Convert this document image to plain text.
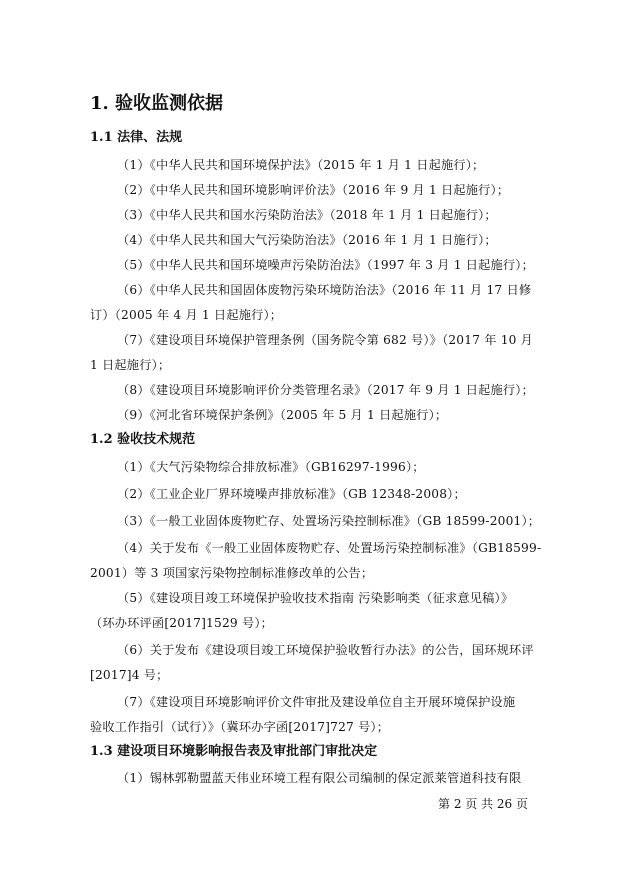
1. 验收监测依据
1.1 法律、法规
（1）《中华人民共和国环境保护法》（2015 年 1 月 1 日起施行）；
（2）《中华人民共和国环境影响评价法》（2016 年 9 月 1 日起施行）；
（3）《中华人民共和国水污染防治法》（2018 年 1 月 1 日起施行）；
（4）《中华人民共和国大气污染防治法》（2016 年 1 月 1 日施行）；
（5）《中华人民共和国环境噪声污染防治法》（1997 年 3 月 1 日起施行）；
（6）《中华人民共和国固体废物污染环境防治法》（2016 年 11 月 17 日修
订）（2005 年 4 月 1 日起施行）；
（7）《建设项目环境保护管理条例（国务院令第 682 号）》（2017 年 10 月
1 日起施行）；
（8）《建设项目环境影响评价分类管理名录》（2017 年 9 月 1 日起施行）；
（9）《河北省环境保护条例》（2005 年 5 月 1 日起施行）；
1.2 验收技术规范
（1）《大气污染物综合排放标准》（GB16297-1996）；
（2）《工业企业厂界环境噪声排放标准》（GB 12348-2008）；
（3）《一般工业固体废物贮存、处置场污染控制标准》（GB 18599-2001）；
（4）关于发布《一般工业固体废物贮存、处置场污染控制标准》（GB18599-
2001）等 3 项国家污染物控制标准修改单的公告；
（5）《建设项目竣工环境保护验收技术指南 污染影响类（征求意见稿）》
（环办环评函[2017]1529 号）；
（6）关于发布《建设项目竣工环境保护验收暂行办法》的公告，国环规环评
[2017]4 号；
（7）《建设项目环境影响评价文件审批及建设单位自主开展环境保护设施
验收工作指引（试行）》（冀环办字函[2017]727 号）；
1.3 建设项目环境影响报告表及审批部门审批决定
（1）锡林郭勒盟蓝天伟业环境工程有限公司编制的保定派莱管道科技有限
第 2 页 共 26 页
